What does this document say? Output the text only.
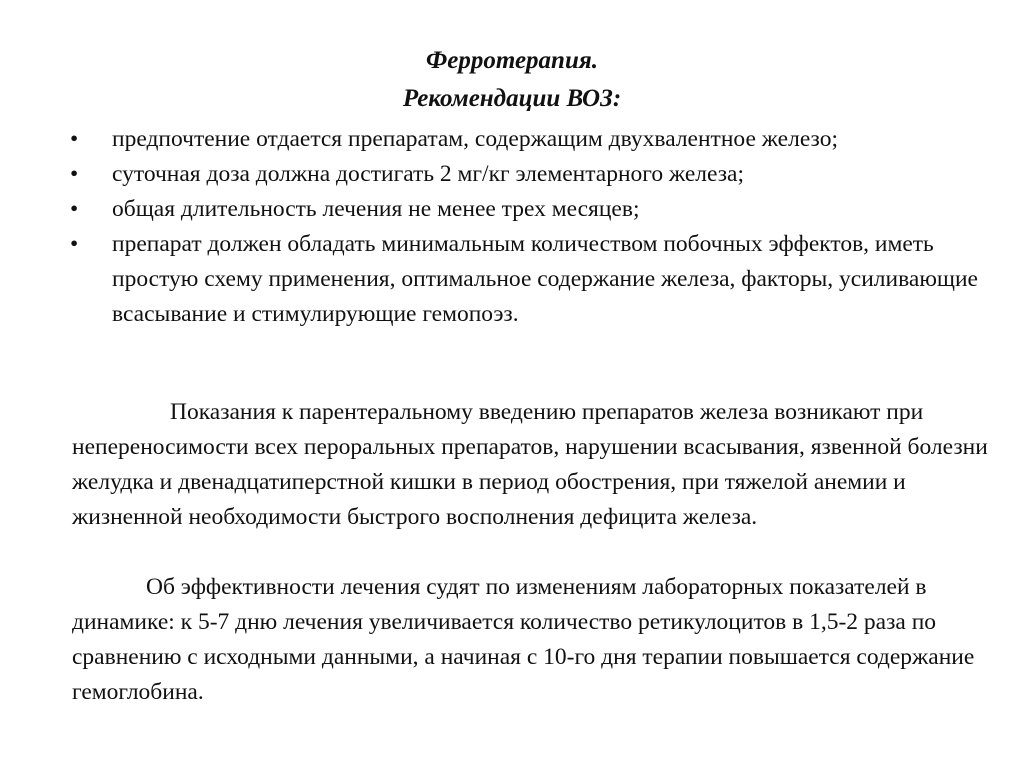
Ферротерапия.
Рекомендации ВОЗ:
•	предпочтение отдается препаратам, содержащим двухвалентное железо;
•	суточная доза должна достигать 2 мг/кг элементарного железа;
•	общая длительность лечения не менее трех месяцев;
•	препарат должен обладать минимальным количеством побочных эффектов, иметь простую схему применения, оптимальное содержание железа, факторы, усиливающие всасывание и стимулирующие гемопоэз.

Показания к парентеральному введению препаратов железа возникают при непереносимости всех пероральных препаратов, нарушении всасывания, язвенной болезни желудка и двенадцатиперстной кишки в период обострения, при тяжелой анемии и жизненной необходимости быстрого восполнения дефицита железа.

Об эффективности лечения судят по изменениям лабораторных показателей в динамике: к 5-7 дню лечения увеличивается количество ретикулоцитов в 1,5-2 раза по сравнению с исходными данными, а начиная с 10-го дня терапии повышается содержание гемоглобина.
